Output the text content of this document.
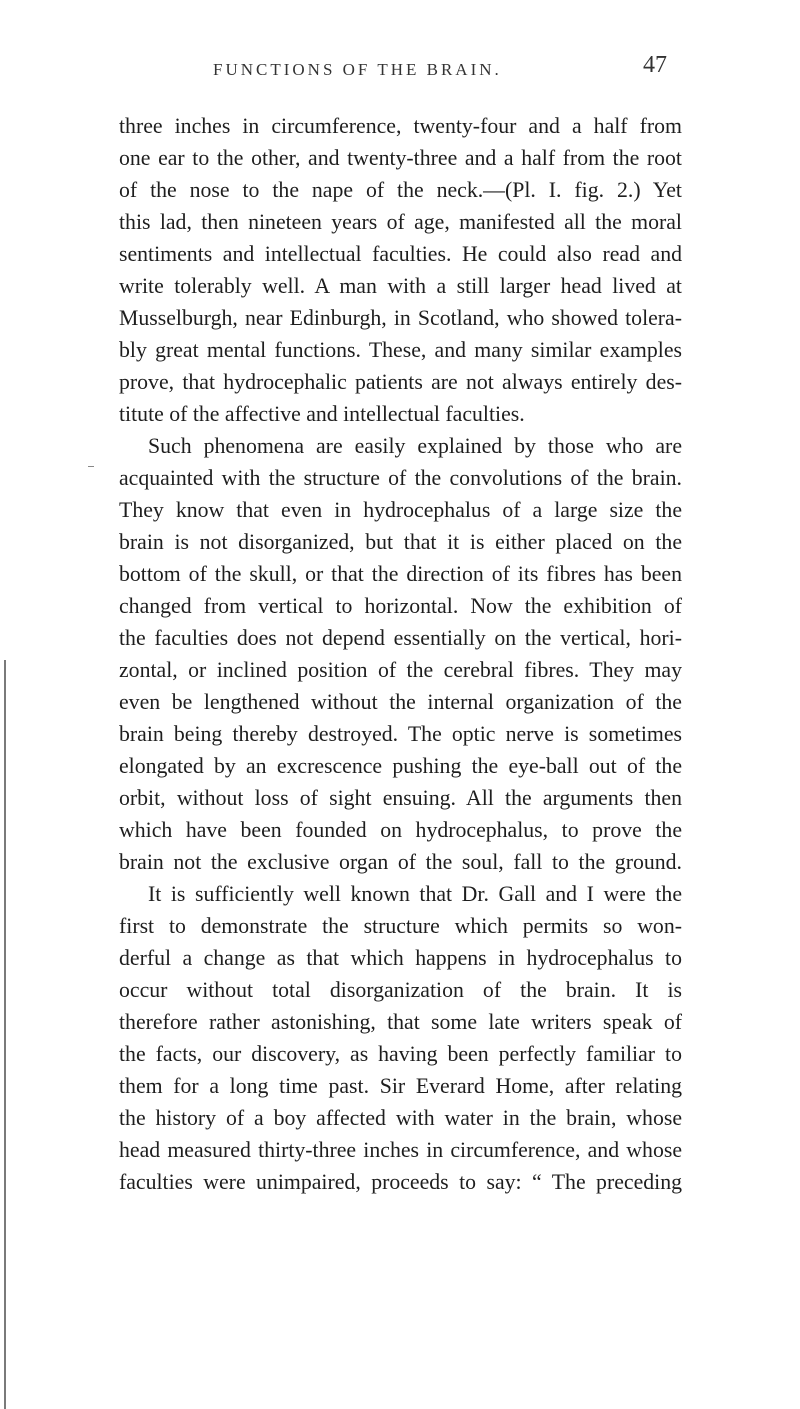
FUNCTIONS OF THE BRAIN.	47
three inches in circumference, twenty-four and a half from
one ear to the other, and twenty-three and a half from the root
of the nose to the nape of the neck.—(Pl. I. fig. 2.) Yet
this lad, then nineteen years of age, manifested all the moral
sentiments and intellectual faculties. He could also read and
write tolerably well. A man with a still larger head lived at
Musselburgh, near Edinburgh, in Scotland, who showed tolera-
bly great mental functions. These, and many similar examples
prove, that hydrocephalic patients are not always entirely des-
titute of the affective and intellectual faculties.
Such phenomena are easily explained by those who are
acquainted with the structure of the convolutions of the brain.
They know that even in hydrocephalus of a large size the
brain is not disorganized, but that it is either placed on the
bottom of the skull, or that the direction of its fibres has been
changed from vertical to horizontal. Now the exhibition of
the faculties does not depend essentially on the vertical, hori-
zontal, or inclined position of the cerebral fibres. They may
even be lengthened without the internal organization of the
brain being thereby destroyed. The optic nerve is sometimes
elongated by an excrescence pushing the eye-ball out of the
orbit, without loss of sight ensuing. All the arguments then
which have been founded on hydrocephalus, to prove the
brain not the exclusive organ of the soul, fall to the ground.
It is sufficiently well known that Dr. Gall and I were the
first to demonstrate the structure which permits so won-
derful a change as that which happens in hydrocephalus to
occur without total disorganization of the brain. It is
therefore rather astonishing, that some late writers speak of
the facts, our discovery, as having been perfectly familiar to
them for a long time past. Sir Everard Home, after relating
the history of a boy affected with water in the brain, whose
head measured thirty-three inches in circumference, and whose
faculties were unimpaired, proceeds to say: “ The preceding
